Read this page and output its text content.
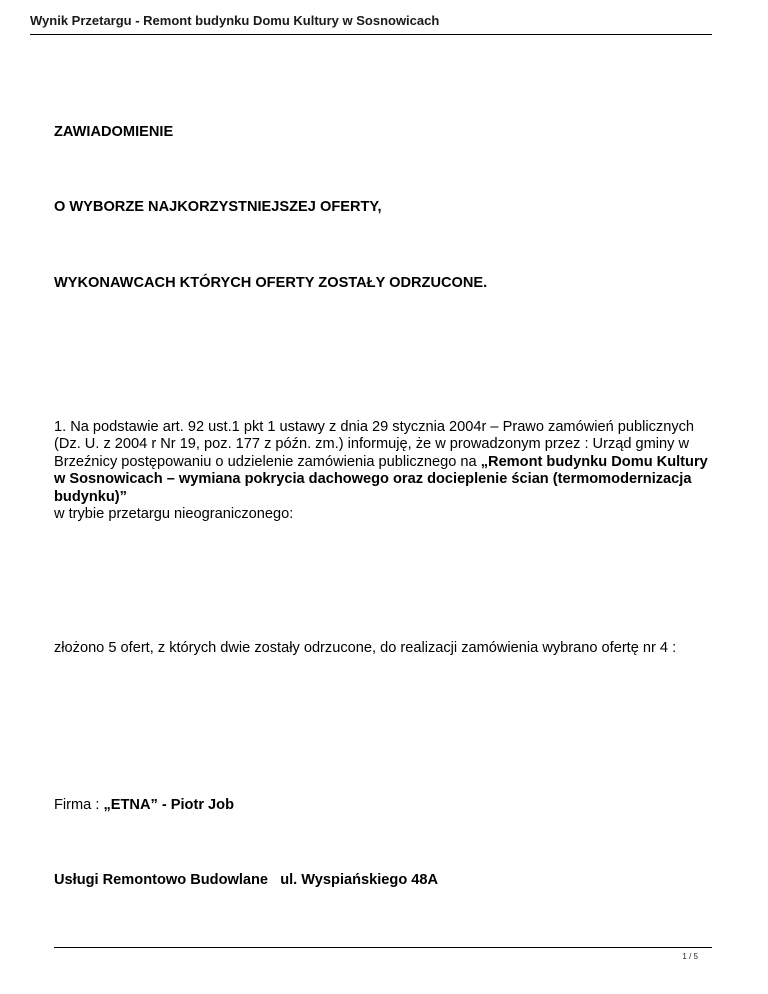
Wynik Przetargu - Remont budynku Domu Kultury w Sosnowicach
ZAWIADOMIENIE
O WYBORZE NAJKORZYSTNIEJSZEJ OFERTY,
WYKONAWCACH KTÓRYCH OFERTY ZOSTAŁY ODRZUCONE.
1. Na podstawie art. 92 ust.1 pkt 1 ustawy z dnia 29 stycznia 2004r – Prawo zamówień publicznych (Dz. U. z 2004 r Nr 19, poz. 177 z późn. zm.) informuję, że w prowadzonym przez : Urząd gminy w Brzeźnicy postępowaniu o udzielenie zamówienia publicznego na „Remont budynku Domu Kultury w Sosnowicach – wymiana pokrycia dachowego oraz docieplenie ścian (termomodernizacja budynku)”
w trybie przetargu nieograniczonego:
złożono 5 ofert, z których dwie zostały odrzucone, do realizacji zamówienia wybrano ofertę nr 4 :
Firma : „ETNA” - Piotr Job
Usługi Remontowo Budowlane   ul. Wyspiańskiego 48A
1 / 5
